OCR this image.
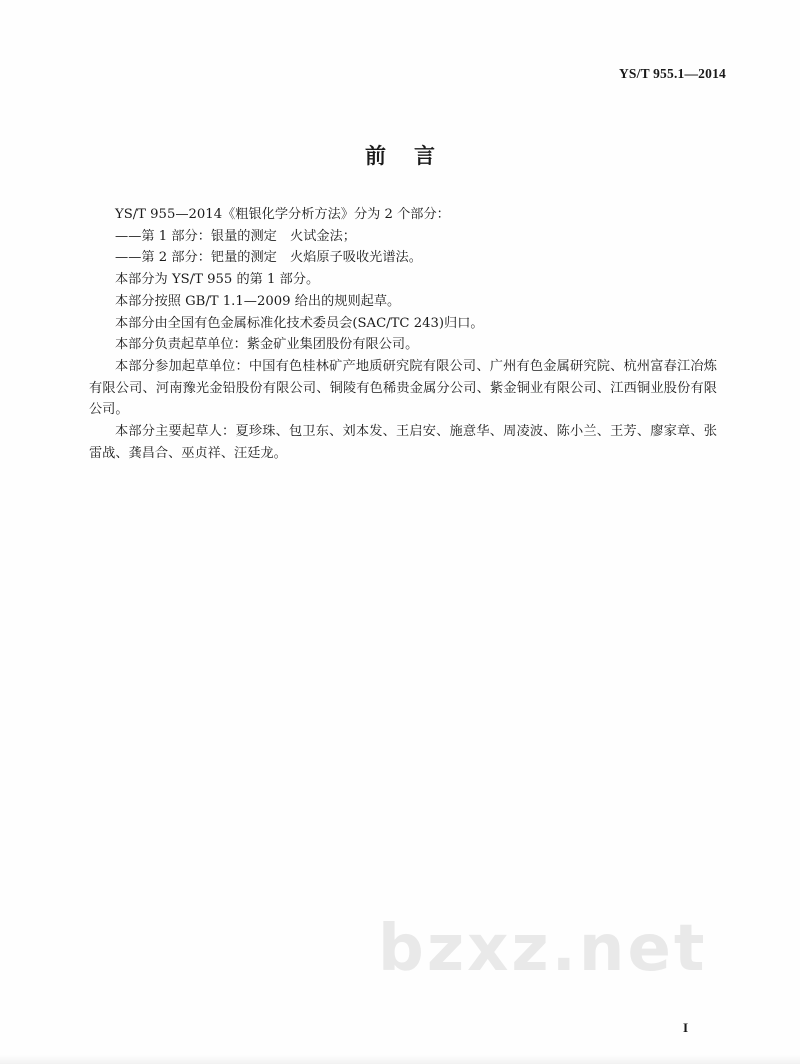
YS/T 955.1—2014
前言

YS/T 955—2014《粗银化学分析方法》分为 2 个部分：

——第 1 部分：银量的测定　火试金法；

——第 2 部分：钯量的测定　火焰原子吸收光谱法。

本部分为 YS/T 955 的第 1 部分。

本部分按照 GB/T 1.1—2009 给出的规则起草。

本部分由全国有色金属标准化技术委员会(SAC/TC 243)归口。

本部分负责起草单位：紫金矿业集团股份有限公司。

本部分参加起草单位：中国有色桂林矿产地质研究院有限公司、广州有色金属研究院、杭州富春江冶炼有限公司、河南豫光金铅股份有限公司、铜陵有色稀贵金属分公司、紫金铜业有限公司、江西铜业股份有限公司。

本部分主要起草人：夏珍珠、包卫东、刘本发、王启安、施意华、周凌波、陈小兰、王芳、廖家章、张雷战、龚昌合、巫贞祥、汪廷龙。

bzxz.net
I
